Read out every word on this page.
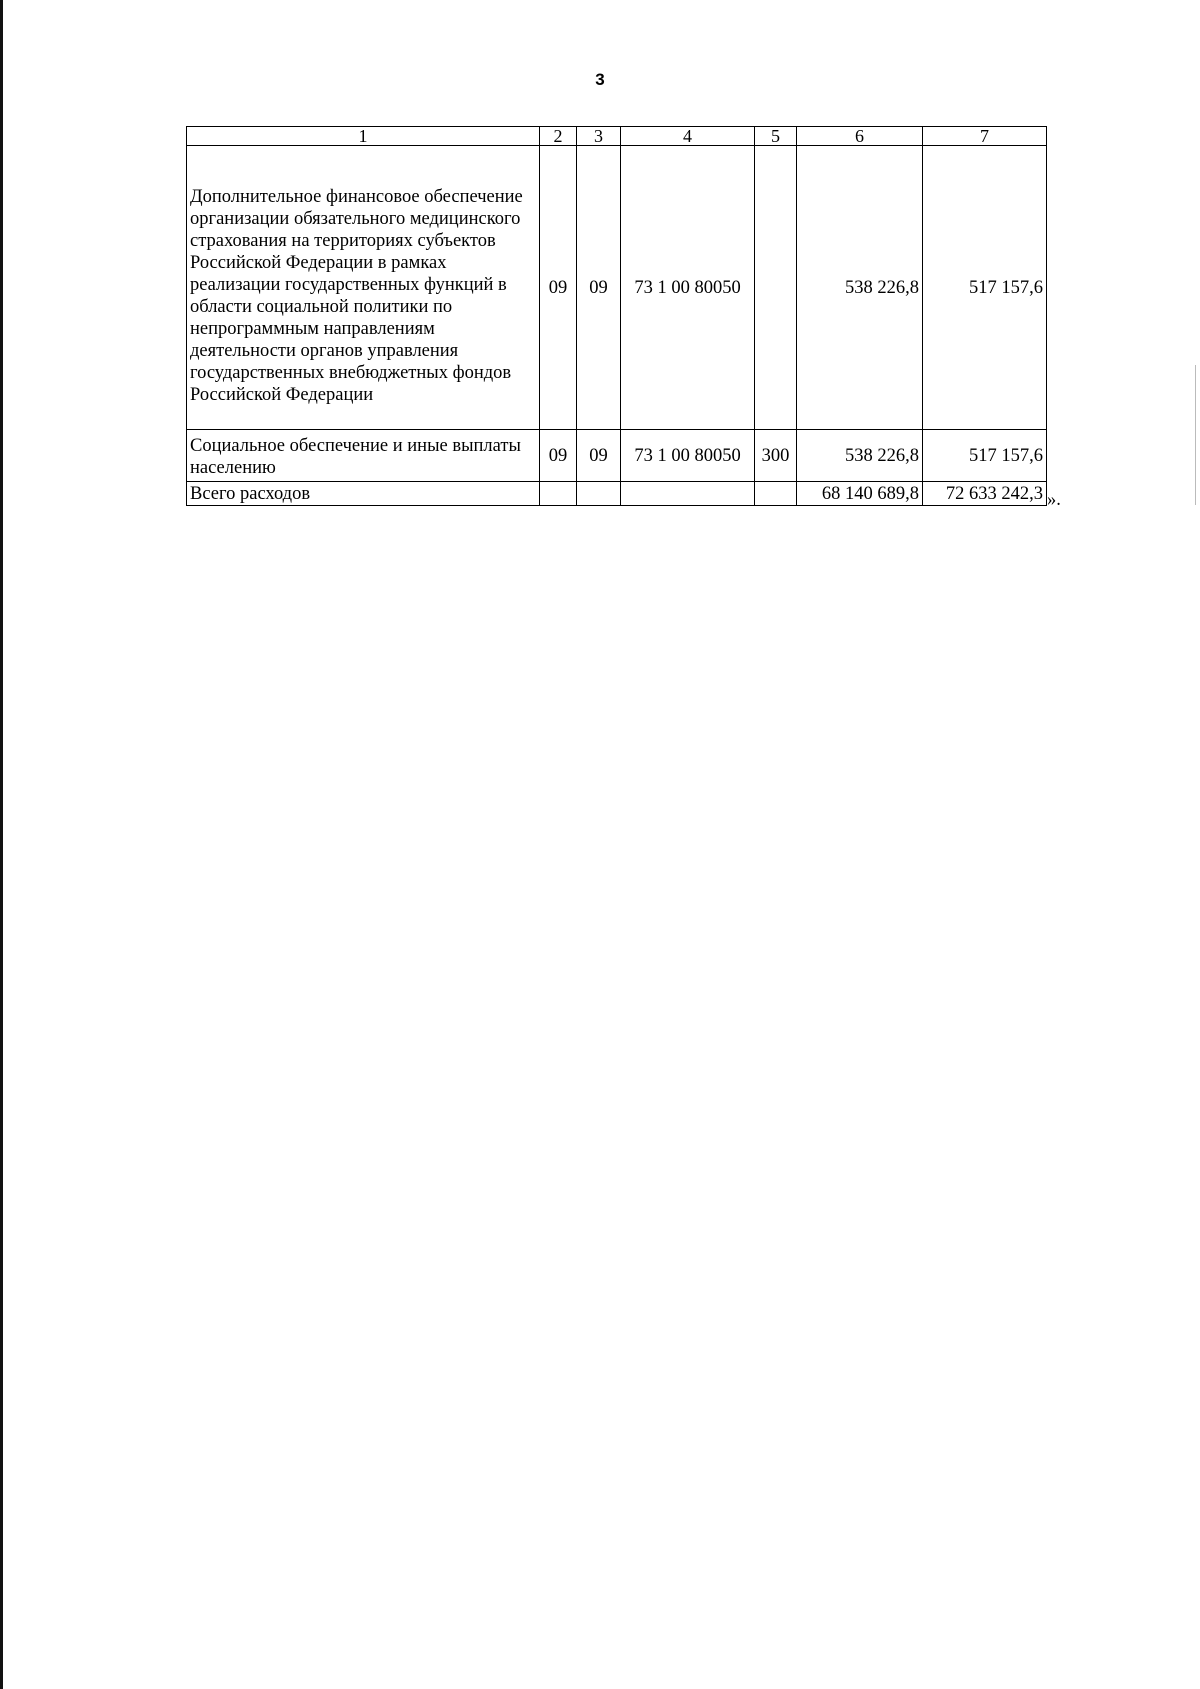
3
1	2	3	4	5	6	7
Дополнительное финансовое обеспечение организации обязательного медицинского страхования на территориях субъектов Российской Федерации в рамках реализации государственных функций в области социальной политики по непрограммным направлениям деятельности органов управления государственных внебюджетных фондов Российской Федерации	09	09	73 1 00 80050		538 226,8	517 157,6
Социальное обеспечение и иные выплаты населению	09	09	73 1 00 80050	300	538 226,8	517 157,6
Всего расходов					68 140 689,8	72 633 242,3 ».
